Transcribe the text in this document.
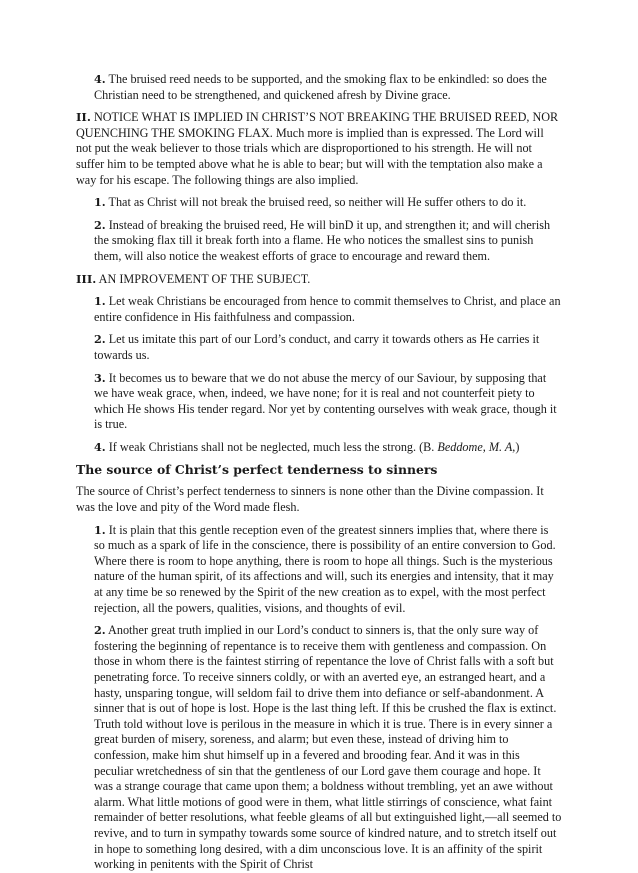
4. The bruised reed needs to be supported, and the smoking flax to be enkindled: so does the Christian need to be strengthened, and quickened afresh by Divine grace.

II. NOTICE WHAT IS IMPLIED IN CHRIST’S NOT BREAKING THE BRUISED REED, NOR QUENCHING THE SMOKING FLAX. Much more is implied than is expressed. The Lord will not put the weak believer to those trials which are disproportioned to his strength. He will not suffer him to be tempted above what he is able to bear; but will with the temptation also make a way for his escape. The following things are also implied.

1. That as Christ will not break the bruised reed, so neither will He suffer others to do it.

2. Instead of breaking the bruised reed, He will binD it up, and strengthen it; and will cherish the smoking flax till it break forth into a flame. He who notices the smallest sins to punish them, will also notice the weakest efforts of grace to encourage and reward them.

III. AN IMPROVEMENT OF THE SUBJECT.

1. Let weak Christians be encouraged from hence to commit themselves to Christ, and place an entire confidence in His faithfulness and compassion.

2. Let us imitate this part of our Lord’s conduct, and carry it towards others as He carries it towards us.

3. It becomes us to beware that we do not abuse the mercy of our Saviour, by supposing that we have weak grace, when, indeed, we have none; for it is real and not counterfeit piety to which He shows His tender regard. Nor yet by contenting ourselves with weak grace, though it is true.

4. If weak Christians shall not be neglected, much less the strong. (B. Beddome, M. A,)

The source of Christ’s perfect tenderness to sinners

The source of Christ’s perfect tenderness to sinners is none other than the Divine compassion. It was the love and pity of the Word made flesh.

1. It is plain that this gentle reception even of the greatest sinners implies that, where there is so much as a spark of life in the conscience, there is possibility of an entire conversion to God. Where there is room to hope anything, there is room to hope all things. Such is the mysterious nature of the human spirit, of its affections and will, such its energies and intensity, that it may at any time be so renewed by the Spirit of the new creation as to expel, with the most perfect rejection, all the powers, qualities, visions, and thoughts of evil.

2. Another great truth implied in our Lord’s conduct to sinners is, that the only sure way of fostering the beginning of repentance is to receive them with gentleness and compassion. On those in whom there is the faintest stirring of repentance the love of Christ falls with a soft but penetrating force. To receive sinners coldly, or with an averted eye, an estranged heart, and a hasty, unsparing tongue, will seldom fail to drive them into defiance or self-abandonment. A sinner that is out of hope is lost. Hope is the last thing left. If this be crushed the flax is extinct. Truth told without love is perilous in the measure in which it is true. There is in every sinner a great burden of misery, soreness, and alarm; but even these, instead of driving him to confession, make him shut himself up in a fevered and brooding fear. And it was in this peculiar wretchedness of sin that the gentleness of our Lord gave them courage and hope. It was a strange courage that came upon them; a boldness without trembling, yet an awe without alarm. What little motions of good were in them, what little stirrings of conscience, what faint remainder of better resolutions, what feeble gleams of all but extinguished light,—all seemed to revive, and to turn in sympathy towards some source of kindred nature, and to stretch itself out in hope to something long desired, with a dim unconscious love. It is an affinity of the spirit working in penitents with the Spirit of Christ
